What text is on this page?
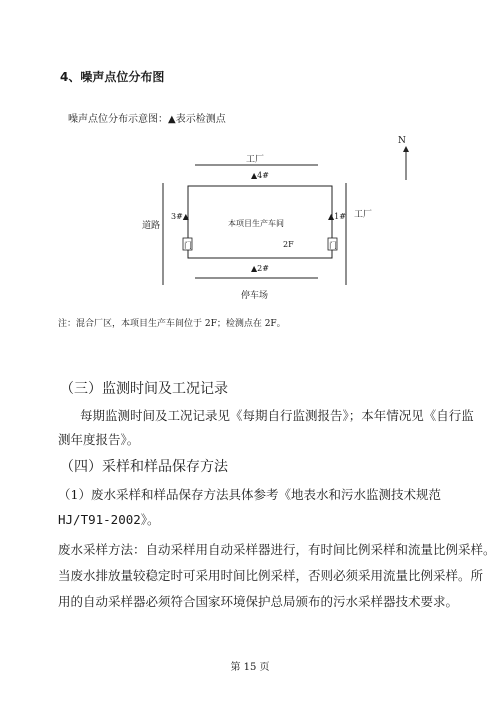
4、噪声点位分布图
噪声点位分布示意图：▲表示检测点
N
工厂
▲4#
道路
3#▲
本项目生产车间
▲1# 工厂
门	门
2F
▲2#
停车场
注：混合厂区，本项目生产车间位于 2F；检测点在 2F。
（三）监测时间及工况记录
每期监测时间及工况记录见《每期自行监测报告》；本年情况见《自行监
测年度报告》。
（四）采样和样品保存方法
（1）废水采样和样品保存方法具体参考《地表水和污水监测技术规范
HJ/T91-2002》。
废水采样方法：自动采样用自动采样器进行，有时间比例采样和流量比例采样。
当废水排放量较稳定时可采用时间比例采样，否则必须采用流量比例采样。所
用的自动采样器必须符合国家环境保护总局颁布的污水采样器技术要求。
第 15 页
